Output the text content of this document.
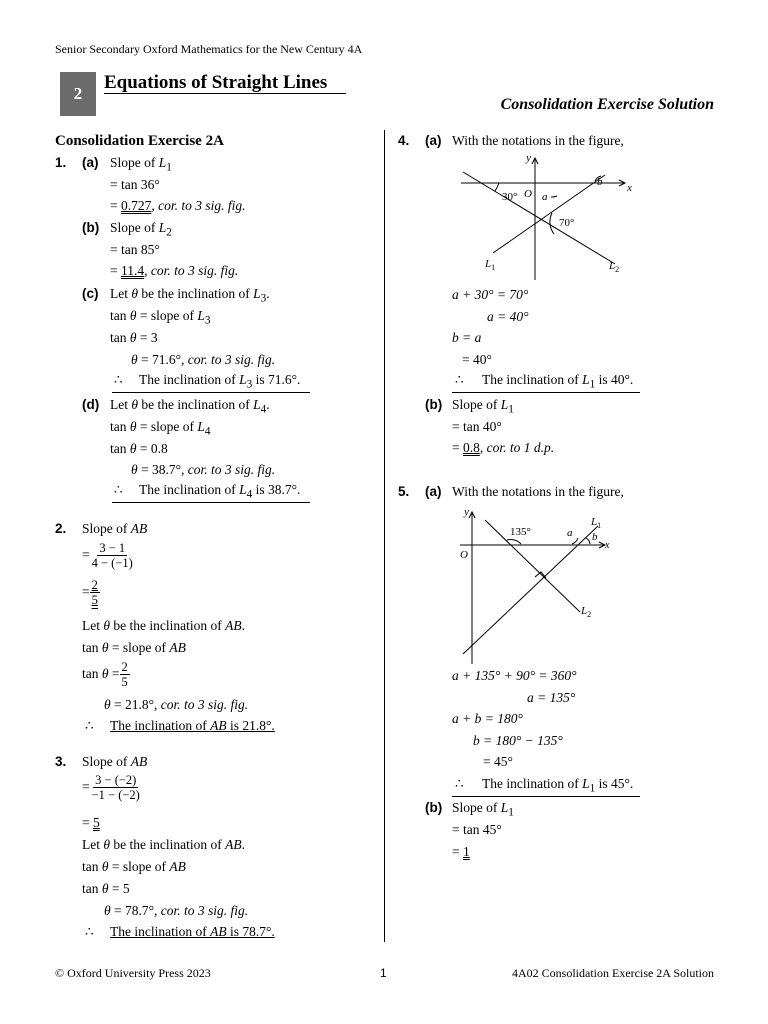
Senior Secondary Oxford Mathematics for the New Century 4A
2
Equations of Straight Lines
Consolidation Exercise Solution
Consolidation Exercise 2A
1. (a) Slope of $L_1$
= tan 36°
= 0.727, cor. to 3 sig. fig.
(b) Slope of $L_2$
= tan 85°
= 11.4, cor. to 3 sig. fig.
(c) Let θ be the inclination of $L_3$.
tan θ = slope of $L_3$
tan θ = 3
θ = 71.6°, cor. to 3 sig. fig.
∴ The inclination of $L_3$ is 71.6°.
(d) Let θ be the inclination of $L_4$.
tan θ = slope of $L_4$
tan θ = 0.8
θ = 38.7°, cor. to 3 sig. fig.
∴ The inclination of $L_4$ is 38.7°.
2. Slope of AB
= $\frac{3 - 1}{4 - (-1)}$
= $\frac{2}{5}$
Let θ be the inclination of AB.
tan θ = slope of AB
$\tan \theta = \frac{2}{5}$
θ = 21.8°, cor. to 3 sig. fig.
∴ The inclination of AB is 21.8°.
3. Slope of AB
= $\frac{3 - (-2)}{-1 - (-2)}$
= 5
Let θ be the inclination of AB.
tan θ = slope of AB
tan θ = 5
θ = 78.7°, cor. to 3 sig. fig.
∴ The inclination of AB is 78.7°.
4. (a) With the notations in the figure,
y
x
O
30° a
b
70°
$L_1$	$L_2$
a + 30° = 70°
a = 40°
b = a
= 40°
∴ The inclination of $L_1$ is 40°.
(b) Slope of $L_1$
= tan 40°
= 0.8, cor. to 1 d.p.
5. (a) With the notations in the figure,
y
x
O
135°	a b
$L_1$
$L_2$
a + 135° + 90° = 360°
a = 135°
a + b = 180°
b = 180° − 135°
= 45°
∴ The inclination of $L_1$ is 45°.
(b) Slope of $L_1$
= tan 45°
= 1
© Oxford University Press 2023	1	4A02 Consolidation Exercise 2A Solution
